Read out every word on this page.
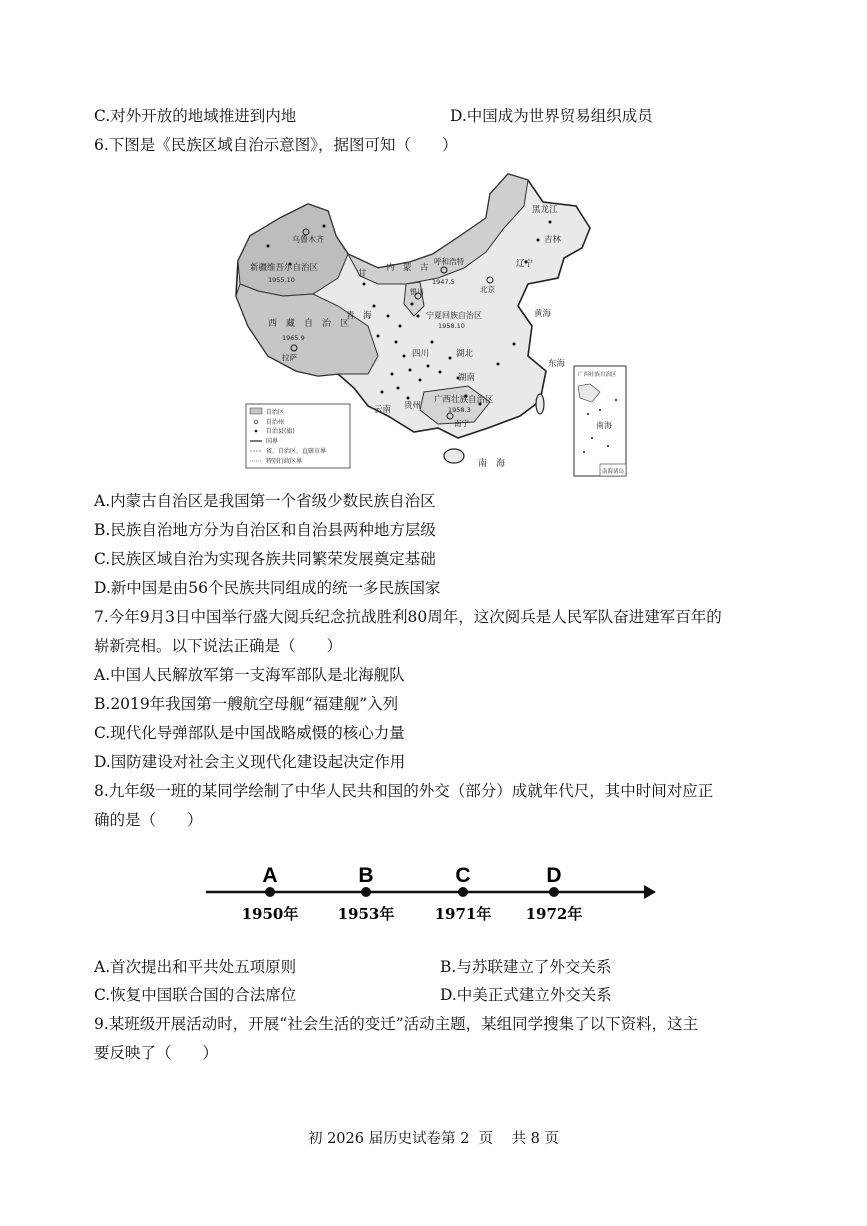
C.对外开放的地域推进到内地	D.中国成为世界贸易组织成员
6.下图是《民族区域自治示意图》，据图可知（　　）
乌鲁木齐
新疆维吾尔自治区
1955.10
西　藏　自　治　区
1965.9
拉萨
青　海
甘
内　蒙　古
呼和浩特
1947.5
北京
银川
宁夏回族自治区
1958.10
黑龙江
吉林
辽宁
黄海
东海
四川	湖北
湖南
广西壮族自治区
1958.3
南宁
云南 贵州
南　海
自治区
自治州
自治县(旗)
国界
省、自治区、直辖市界
特别行政区界
广西壮族自治区
南海
南海诸岛
A.内蒙古自治区是我国第一个省级少数民族自治区
B.民族自治地方分为自治区和自治县两种地方层级
C.民族区域自治为实现各族共同繁荣发展奠定基础
D.新中国是由56个民族共同组成的统一多民族国家
7.今年9月3日中国举行盛大阅兵纪念抗战胜利80周年，这次阅兵是人民军队奋进建军百年的
崭新亮相。以下说法正确是（　　）
A.中国人民解放军第一支海军部队是北海舰队
B.2019年我国第一艘航空母舰“福建舰”入列
C.现代化导弹部队是中国战略威慑的核心力量
D.国防建设对社会主义现代化建设起决定作用
8.九年级一班的某同学绘制了中华人民共和国的外交（部分）成就年代尺，其中时间对应正
确的是（　　）
A
1950年
B
1953年
C
1971年
D
1972年
A.首次提出和平共处五项原则	B.与苏联建立了外交关系
C.恢复中国联合国的合法席位	D.中美正式建立外交关系
9.某班级开展活动时，开展“社会生活的变迁”活动主题，某组同学搜集了以下资料，这主
要反映了（　　）
初 2026 届历史试卷第 2  页    共 8 页
